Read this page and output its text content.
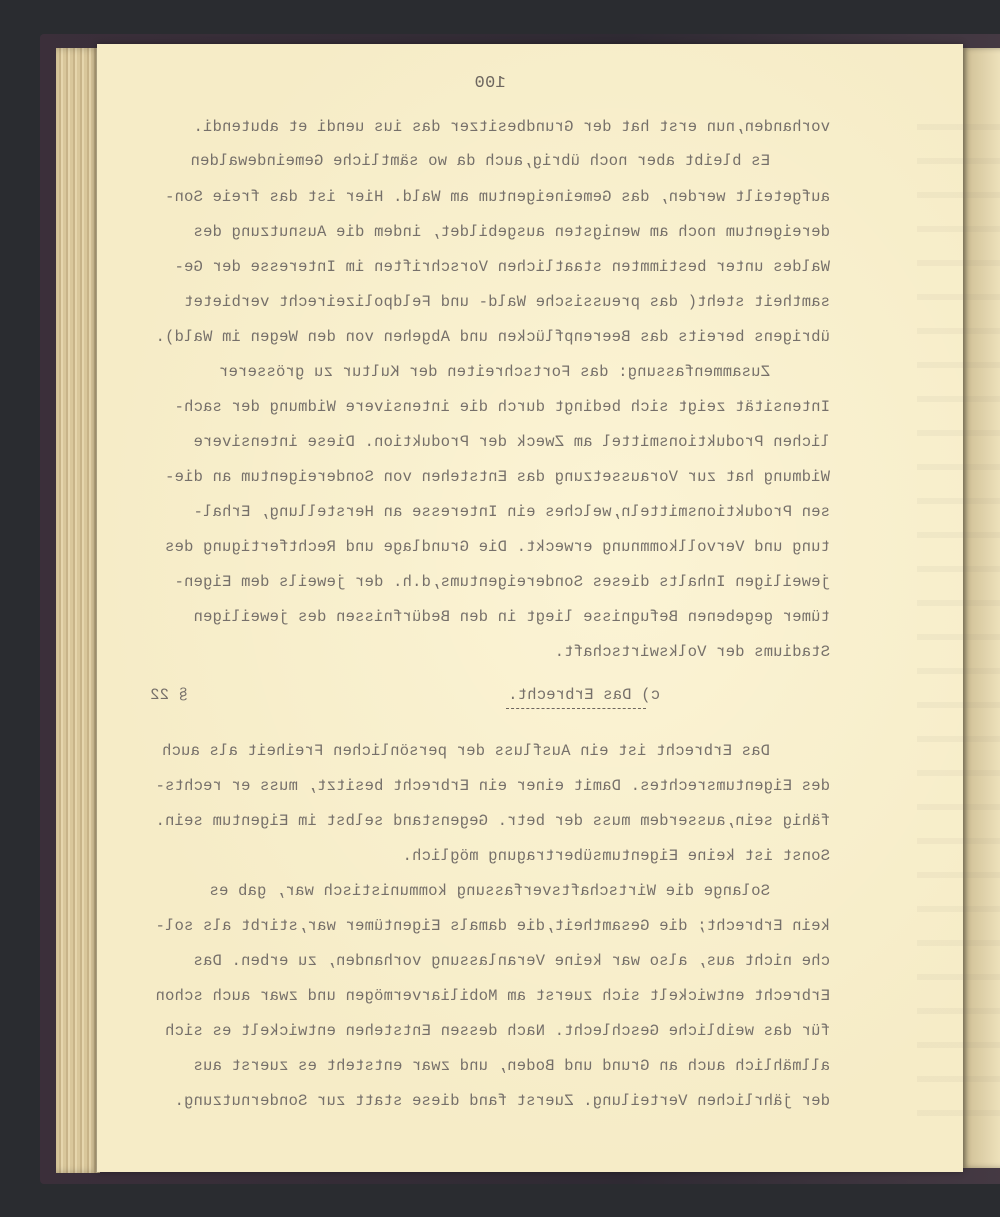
100
vorhanden,nun erst hat der Grundbesitzer das ius uendi et abutendi.
Es bleibt aber noch übrig,auch da wo sämtliche Gemeindewalden
aufgeteilt werden, das Gemeineigentum am Wald. Hier ist das freie Son-
dereigentum noch am wenigsten ausgebildet, indem die Ausnutzung des
Waldes unter bestimmten staatlichen Vorschriften im Interesse der Ge-
samtheit steht( das preussische Wald- und Feldpolizeirecht verbietet
übrigens bereits das Beerenpflücken und Abgehen von den Wegen im Wald).
Zusammenfassung: das Fortschreiten der Kultur zu grösserer
Intensität zeigt sich bedingt durch die intensivere Widmung der sach-
lichen Produktionsmittel am Zweck der Produktion. Diese intensivere
Widmung hat zur Voraussetzung das Entstehen von Sondereigentum an die-
sen Produktionsmitteln,welches ein Interesse an Herstellung, Erhal-
tung und Vervollkommnung erweckt. Die Grundlage und Rechtfertigung des
jeweiligen Inhalts dieses Sondereigentums,d.h. der jeweils dem Eigen-
tümer gegebenen Befugnisse liegt in den Bedürfnissen des jeweiligen
Stadiums der Volkswirtschaft.
c) Das Erbrecht.
§ 22
Das Erbrecht ist ein Ausfluss der persönlichen Freiheit als auch
des Eigentumsrechtes. Damit einer ein Erbrecht besitzt, muss er rechts-
fähig sein,ausserdem muss der betr. Gegenstand selbst im Eigentum sein.
Sonst ist keine Eigentumsübertragung möglich.
Solange die Wirtschaftsverfassung kommunistisch war, gab es
kein Erbrecht; die Gesamtheit,die damals Eigentümer war,stirbt als sol-
che nicht aus, also war keine Veranlassung vorhanden, zu erben. Das
Erbrecht entwickelt sich zuerst am Mobiliarvermögen und zwar auch schon
für das weibliche Geschlecht. Nach dessen Entstehen entwickelt es sich
allmählich auch an Grund und Boden, und zwar entsteht es zuerst aus
der jährlichen Verteilung. Zuerst fand diese statt zur Sondernutzung.
